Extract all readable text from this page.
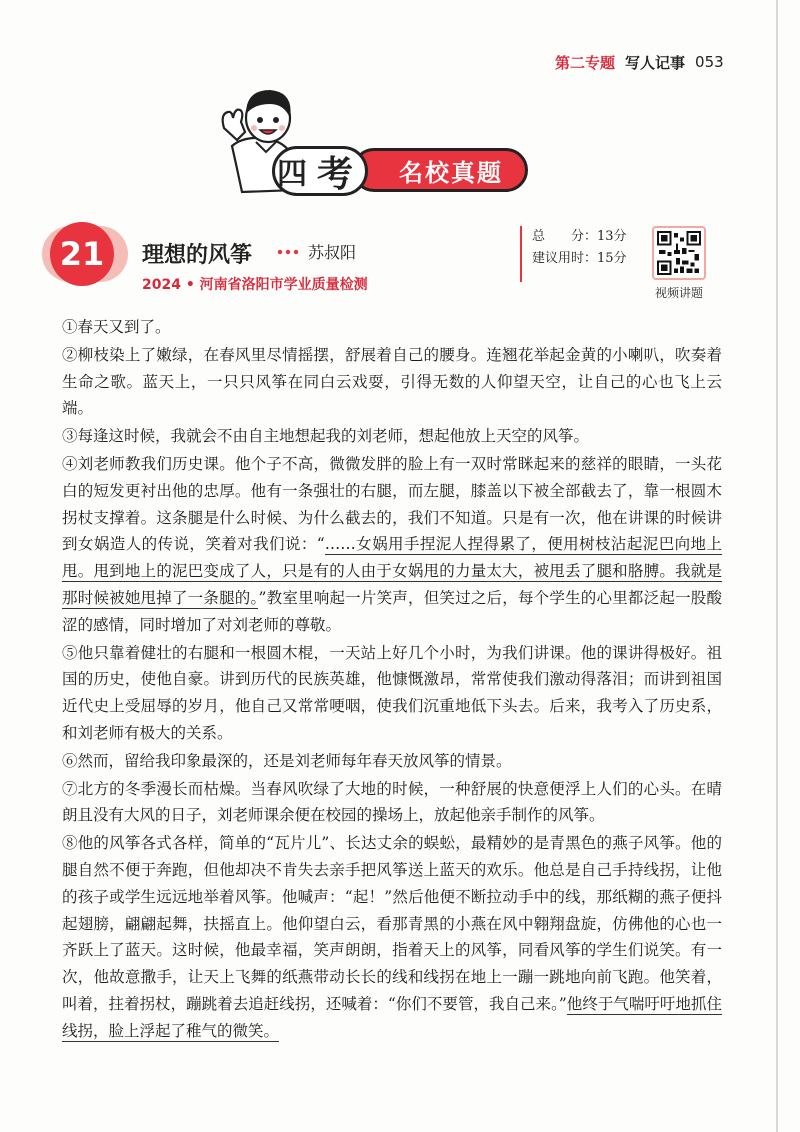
第二专题 写人记事 053
名校真题
四 考
21 理想的风筝	苏叔阳
2024 • 河南省洛阳市学业质量检测
总　　分：13分
建议用时：15分
视频讲题

①春天又到了。

②柳枝染上了嫩绿，在春风里尽情摇摆，舒展着自己的腰身。连翘花举起金黄的小喇叭，吹奏着生命之歌。蓝天上，一只只风筝在同白云戏耍，引得无数的人仰望天空，让自己的心也飞上云端。

③每逢这时候，我就会不由自主地想起我的刘老师，想起他放上天空的风筝。

④刘老师教我们历史课。他个子不高，微微发胖的脸上有一双时常眯起来的慈祥的眼睛，一头花白的短发更衬出他的忠厚。他有一条强壮的右腿，而左腿，膝盖以下被全部截去了，靠一根圆木拐杖支撑着。这条腿是什么时候、为什么截去的，我们不知道。只是有一次，他在讲课的时候讲到女娲造人的传说，笑着对我们说：“……女娲用手捏泥人捏得累了，便用树枝沾起泥巴向地上甩。甩到地上的泥巴变成了人，只是有的人由于女娲甩的力量太大，被甩丢了腿和胳膊。我就是那时候被她甩掉了一条腿的。”教室里响起一片笑声，但笑过之后，每个学生的心里都泛起一股酸涩的感情，同时增加了对刘老师的尊敬。

⑤他只靠着健壮的右腿和一根圆木棍，一天站上好几个小时，为我们讲课。他的课讲得极好。祖国的历史，使他自豪。讲到历代的民族英雄，他慷慨激昂，常常使我们激动得落泪；而讲到祖国近代史上受屈辱的岁月，他自己又常常哽咽，使我们沉重地低下头去。后来，我考入了历史系，和刘老师有极大的关系。

⑥然而，留给我印象最深的，还是刘老师每年春天放风筝的情景。

⑦北方的冬季漫长而枯燥。当春风吹绿了大地的时候，一种舒展的快意便浮上人们的心头。在晴朗且没有大风的日子，刘老师课余便在校园的操场上，放起他亲手制作的风筝。

⑧他的风筝各式各样，简单的“瓦片儿”、长达丈余的蜈蚣，最精妙的是青黑色的燕子风筝。他的腿自然不便于奔跑，但他却决不肯失去亲手把风筝送上蓝天的欢乐。他总是自己手持线拐，让他的孩子或学生远远地举着风筝。他喊声：“起！”然后他便不断拉动手中的线，那纸糊的燕子便抖起翅膀，翩翩起舞，扶摇直上。他仰望白云，看那青黑的小燕在风中翱翔盘旋，仿佛他的心也一齐跃上了蓝天。这时候，他最幸福，笑声朗朗，指着天上的风筝，同看风筝的学生们说笑。有一次，他故意撒手，让天上飞舞的纸燕带动长长的线和线拐在地上一蹦一跳地向前飞跑。他笑着，叫着，拄着拐杖，蹦跳着去追赶线拐，还喊着：“你们不要管，我自己来。”他终于气喘吁吁地抓住线拐，脸上浮起了稚气的微笑。
